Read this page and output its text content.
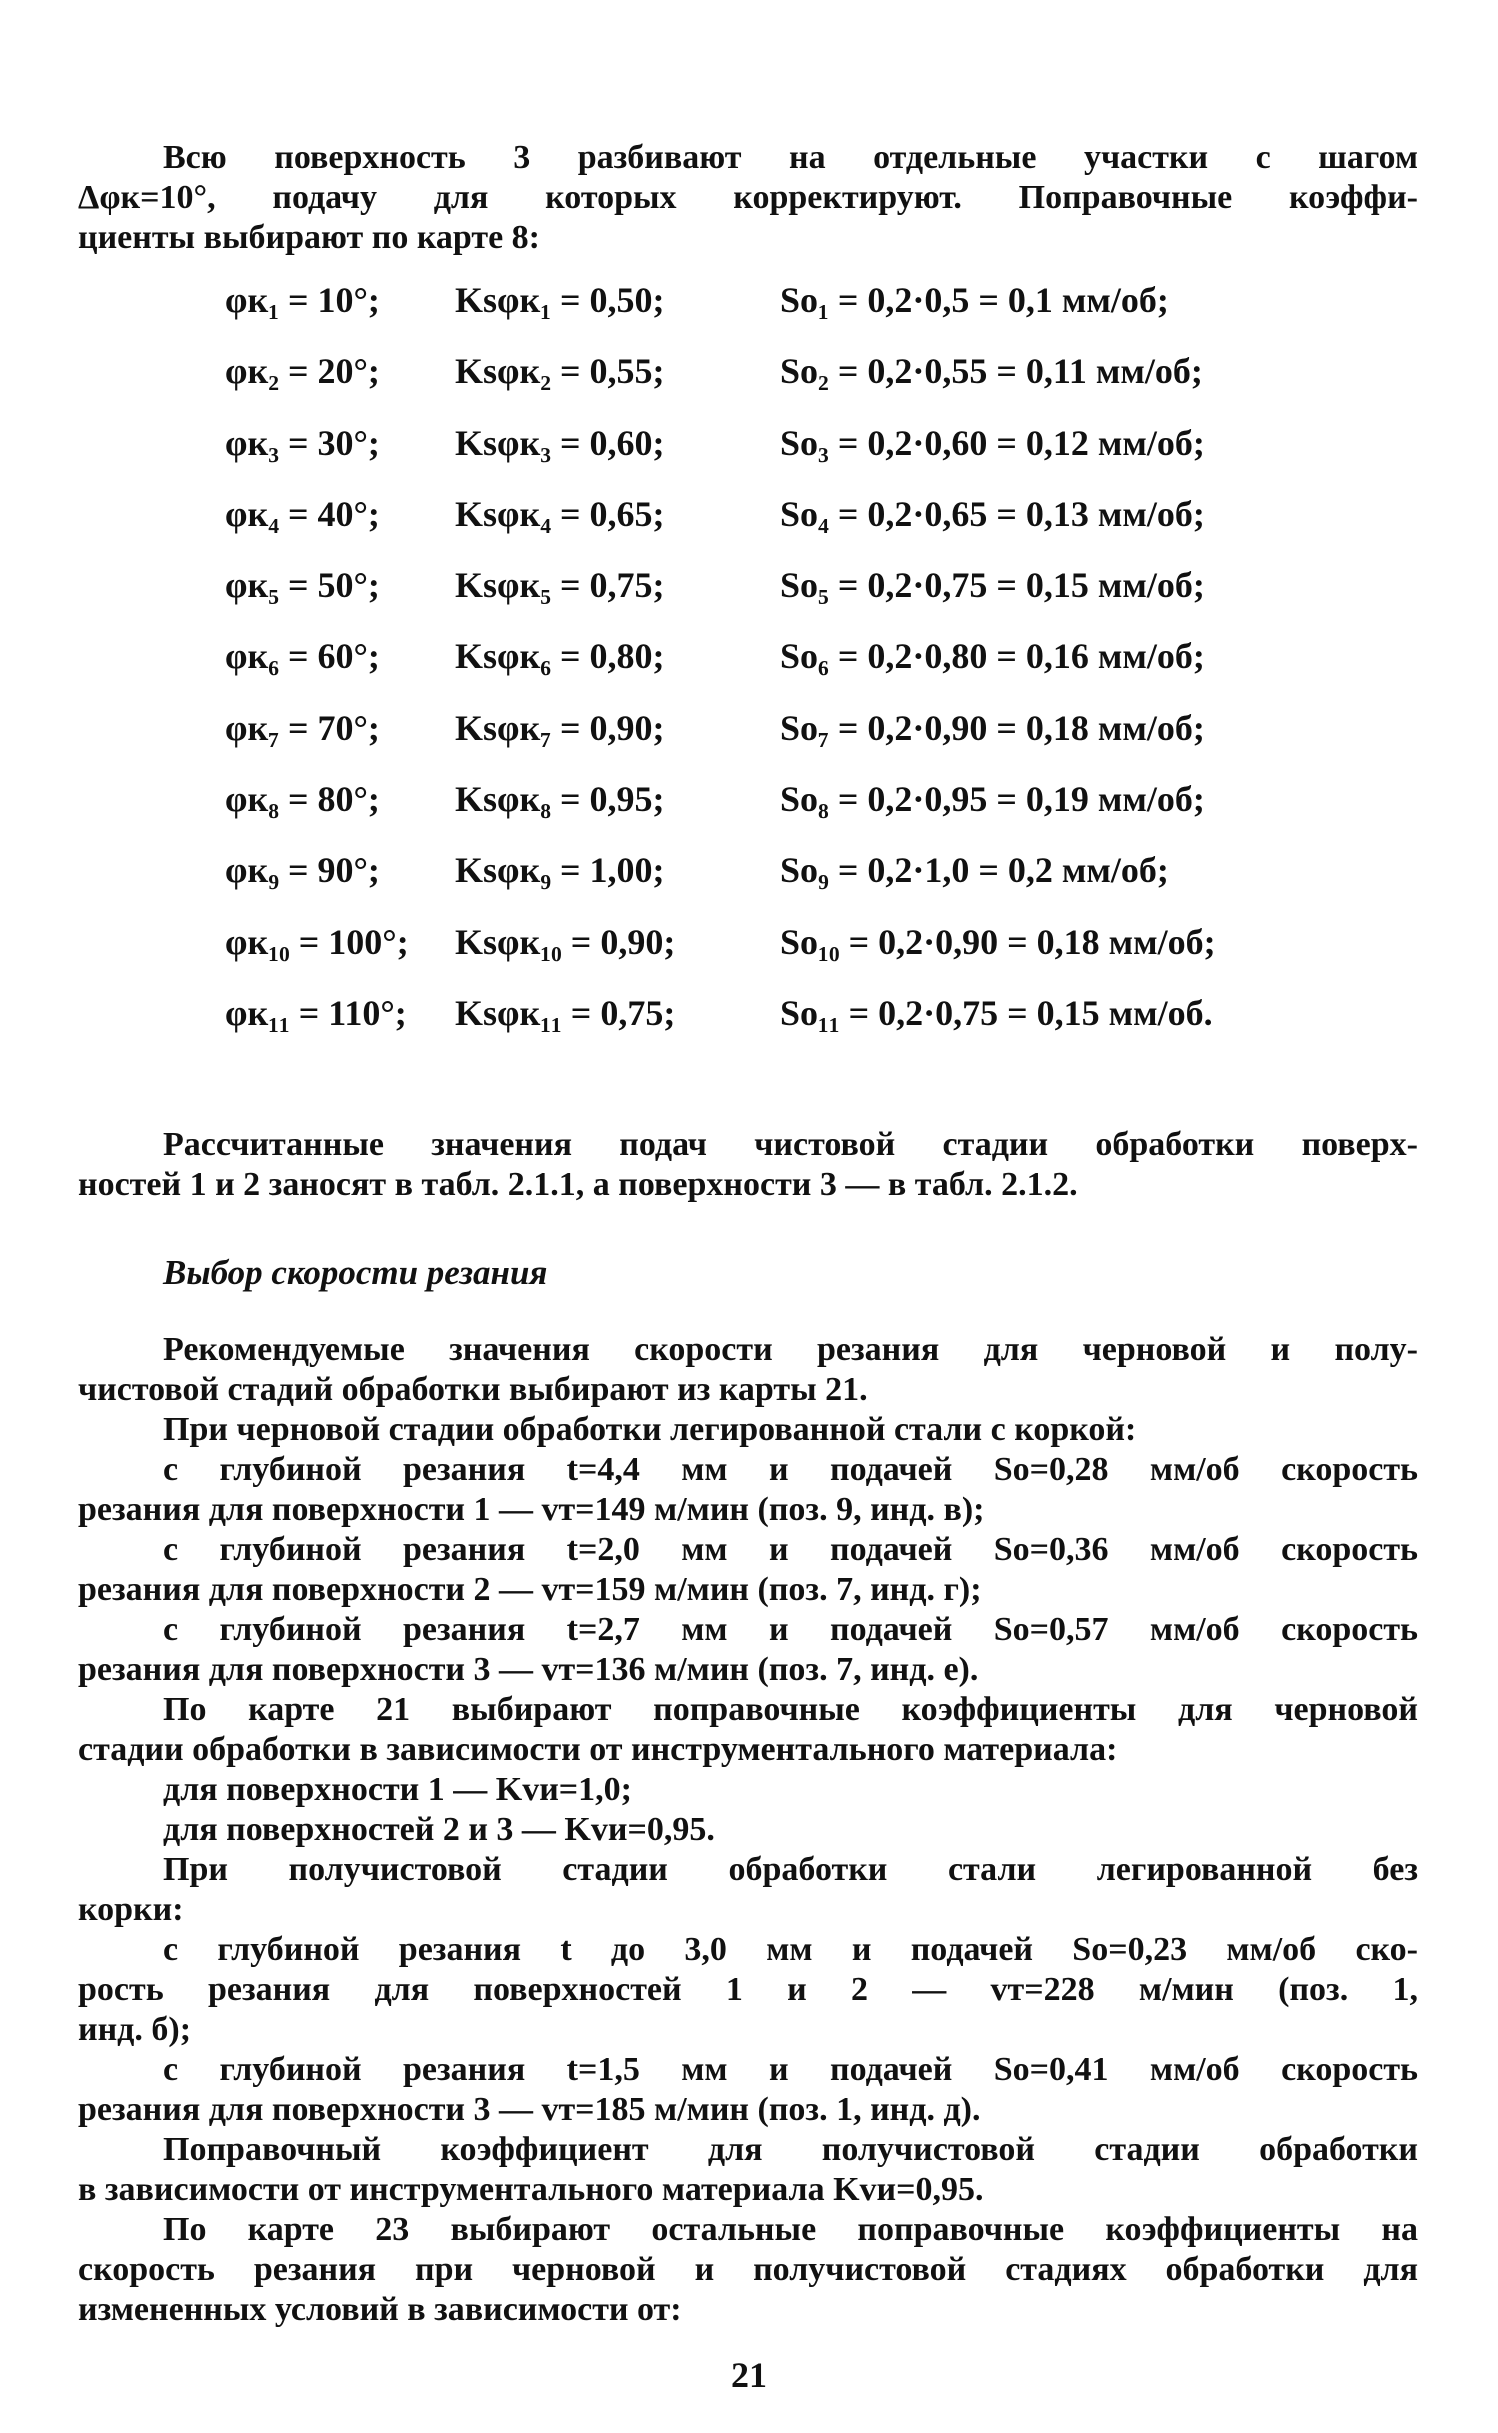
Всю поверхность 3 разбивают на отдельные участки с шагом

Δφк=10°, подачу для которых корректируют. Поправочные коэффи-

циенты выбирают по карте 8:

φк₁ = 10°; Ksφк₁ = 0,50;	Sо₁ = 0,2·0,5 = 0,1 мм/об;
φк₂ = 20°; Ksφк₂ = 0,55;	Sо₂ = 0,2·0,55 = 0,11 мм/об;
φк₃ = 30°; Ksφк₃ = 0,60;	Sо₃ = 0,2·0,60 = 0,12 мм/об;
φк₄ = 40°; Ksφк₄ = 0,65;	Sо₄ = 0,2·0,65 = 0,13 мм/об;
φк₅ = 50°; Ksφк₅ = 0,75;	Sо₅ = 0,2·0,75 = 0,15 мм/об;
φк₆ = 60°; Ksφк₆ = 0,80;	Sо₆ = 0,2·0,80 = 0,16 мм/об;
φк₇ = 70°; Ksφк₇ = 0,90;	Sо₇ = 0,2·0,90 = 0,18 мм/об;
φк₈ = 80°; Ksφк₈ = 0,95;	Sо₈ = 0,2·0,95 = 0,19 мм/об;
φк₉ = 90°; Ksφк₉ = 1,00;	Sо₉ = 0,2·1,0 = 0,2 мм/об;
φк₁₀ = 100°; Ksφк₁₀ = 0,90;	Sо₁₀ = 0,2·0,90 = 0,18 мм/об;
φк₁₁ = 110°; Ksφк₁₁ = 0,75;	Sо₁₁ = 0,2·0,75 = 0,15 мм/об.

Рассчитанные значения подач чистовой стадии обработки поверх-

ностей 1 и 2 заносят в табл. 2.1.1, а поверхности 3 — в табл. 2.1.2.

Выбор скорости резания

Рекомендуемые значения скорости резания для черновой и полу-

чистовой стадий обработки выбирают из карты 21.

При черновой стадии обработки легированной стали с коркой:

с глубиной резания t=4,4 мм и подачей Sо=0,28 мм/об скорость

резания для поверхности 1 — vт=149 м/мин (поз. 9, инд. в);

с глубиной резания t=2,0 мм и подачей Sо=0,36 мм/об скорость

резания для поверхности 2 — vт=159 м/мин (поз. 7, инд. г);

с глубиной резания t=2,7 мм и подачей Sо=0,57 мм/об скорость

резания для поверхности 3 — vт=136 м/мин (поз. 7, инд. е).

По карте 21 выбирают поправочные коэффициенты для черновой

стадии обработки в зависимости от инструментального материала:

для поверхности 1 — Kvи=1,0;

для поверхностей 2 и 3 — Kvи=0,95.

При получистовой стадии обработки стали легированной без

корки:

с глубиной резания t до 3,0 мм и подачей Sо=0,23 мм/об ско-

рость резания для поверхностей 1 и 2 — vт=228 м/мин (поз. 1,

инд. б);

с глубиной резания t=1,5 мм и подачей Sо=0,41 мм/об скорость

резания для поверхности 3 — vт=185 м/мин (поз. 1, инд. д).

Поправочный коэффициент для получистовой стадии обработки

в зависимости от инструментального материала Kvи=0,95.

По карте 23 выбирают остальные поправочные коэффициенты на

скорость резания при черновой и получистовой стадиях обработки для

измененных условий в зависимости от:

21
